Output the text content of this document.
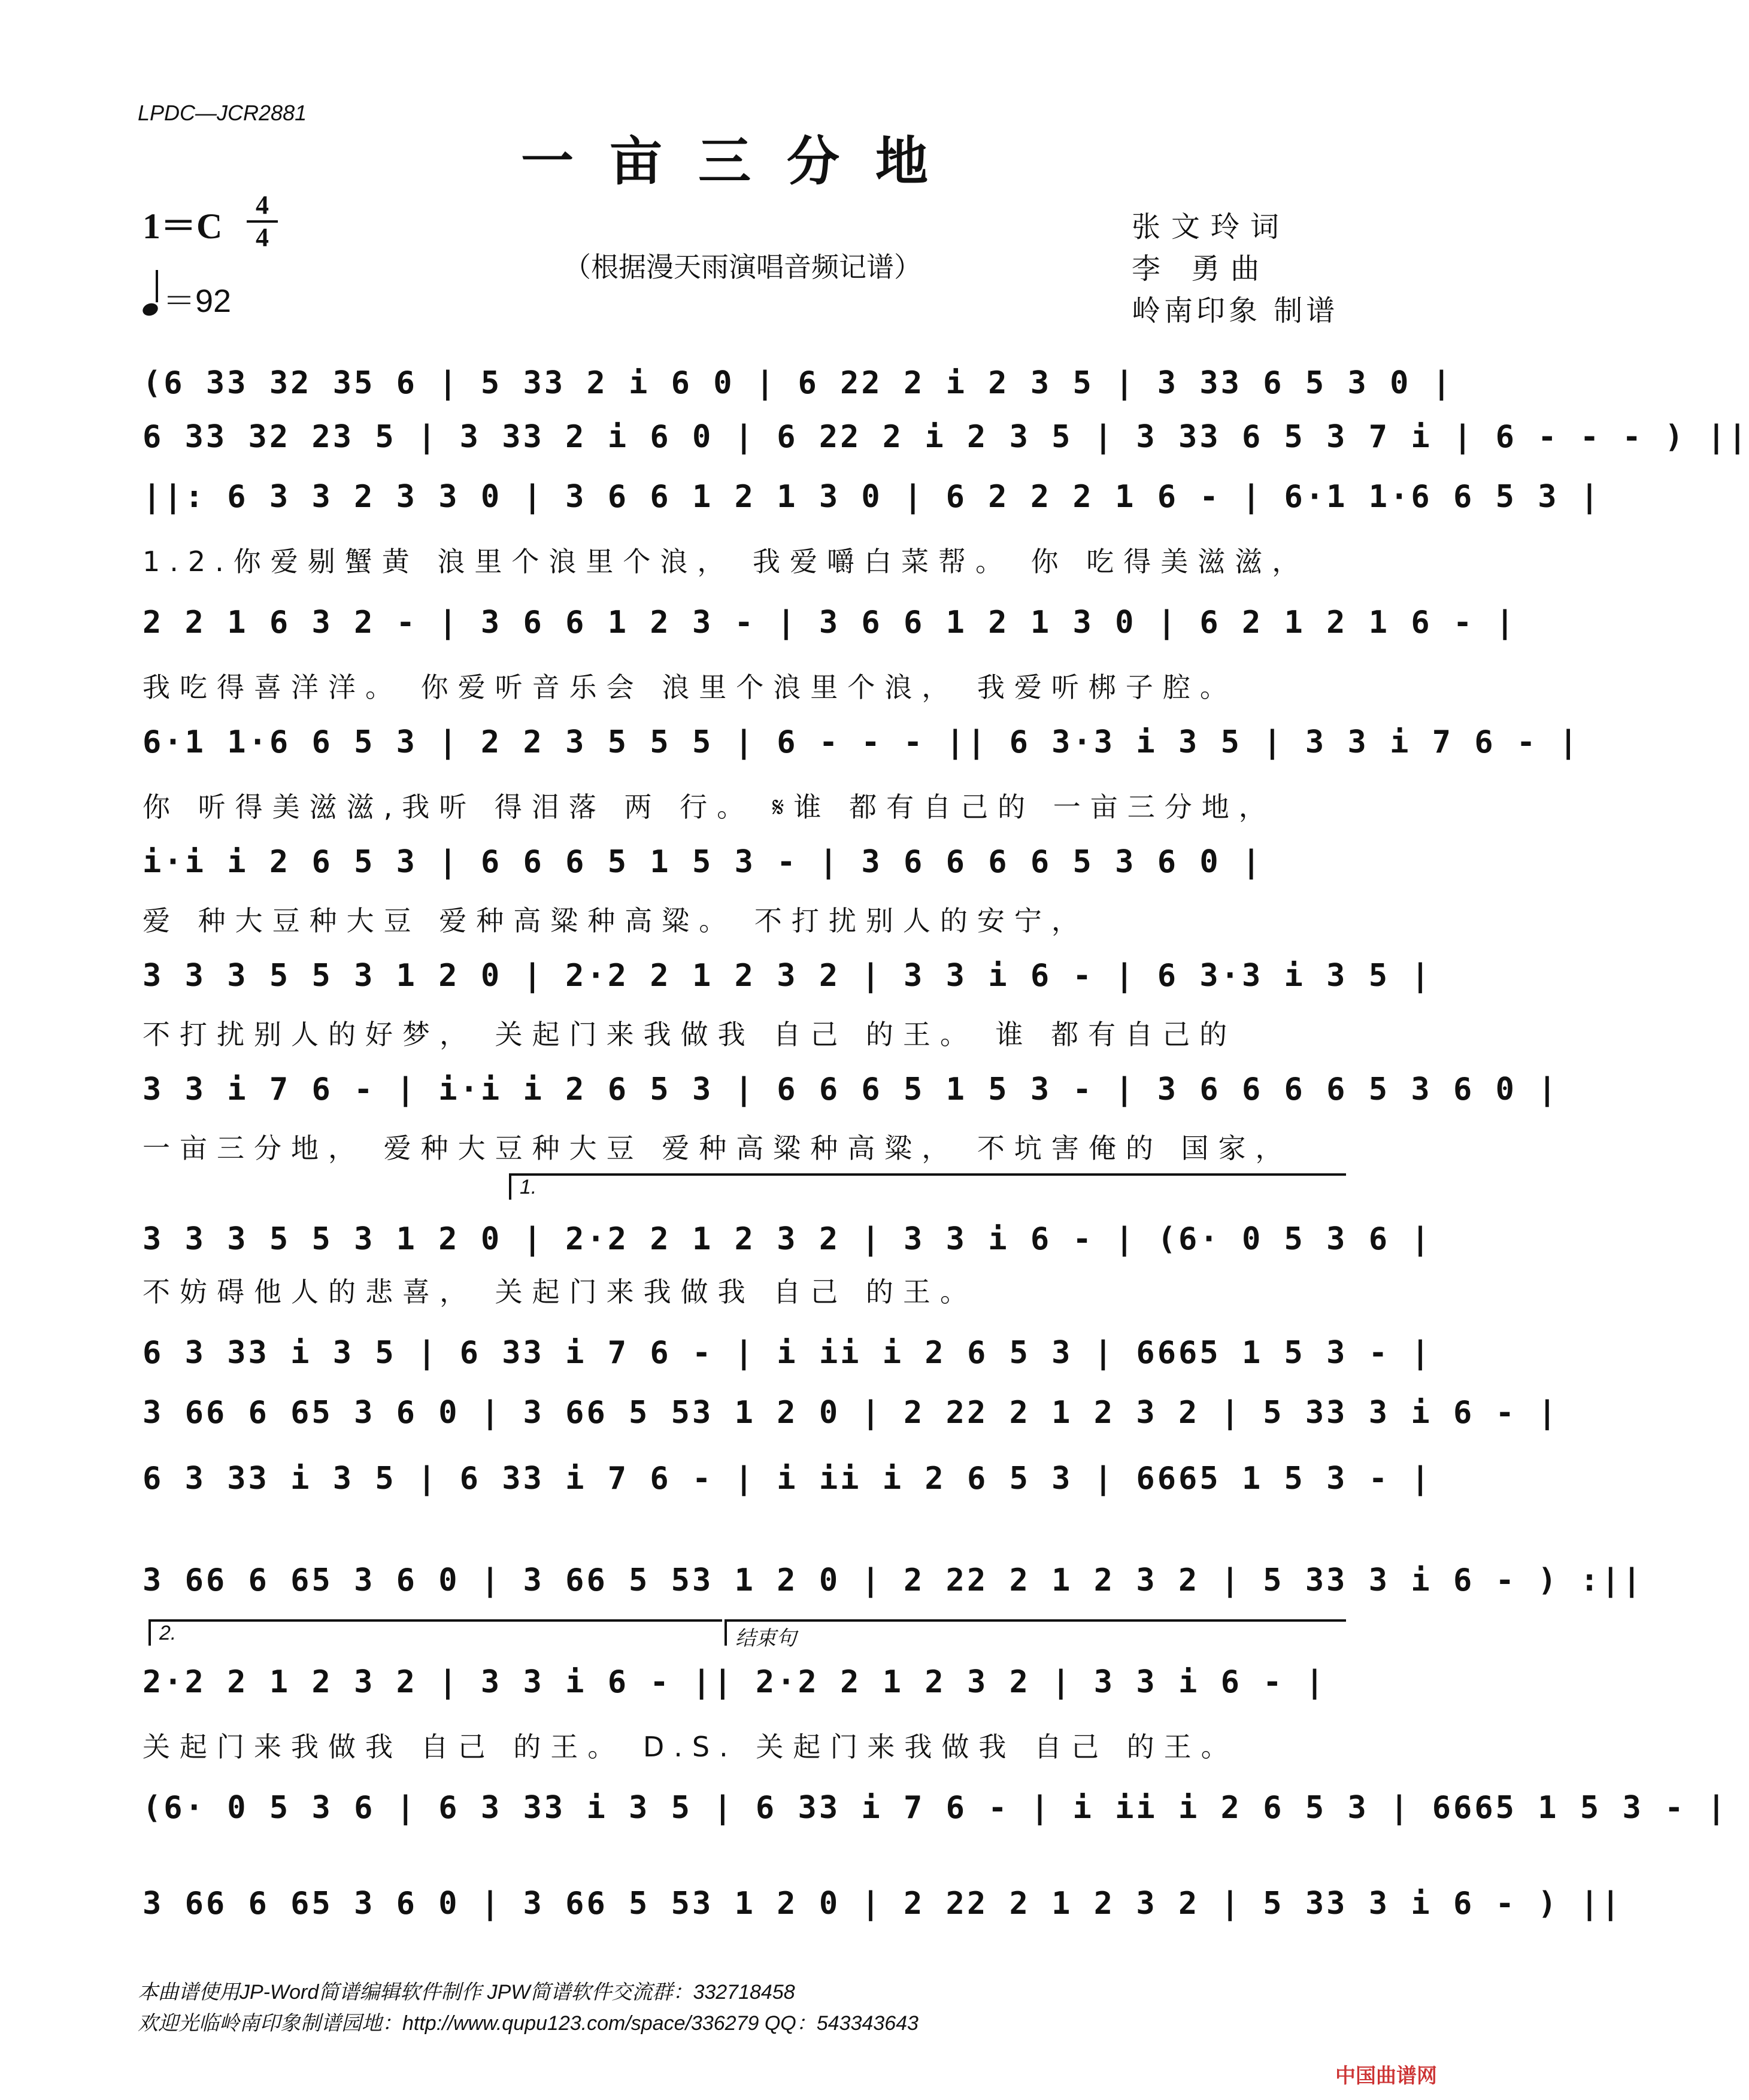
LPDC—JCR2881
一亩三分地
1＝C
4
4
＝92
（根据漫天雨演唱音频记谱）
张文玲词
李 勇曲
岭南印象 制谱
(6 33 32 35 6 | 5 33 2 i 6 0 | 6 22 2 i 2 3 5 | 3 33 6 5 3 0 |
6 33 32 23 5 | 3 33 2 i 6 0 | 6 22 2 i 2 3 5 | 3 33 6 5 3 7 i | 6 - - - ) ||
||: 6 3 3 2 3 3 0 | 3 6 6 1 2 1 3 0 | 6 2 2 2 1 6 - | 6·1 1·6 6 5 3 |
1.2.你爱剔蟹黄 浪里个浪里个浪， 我爱嚼白菜帮。 你 吃得美滋滋，
2 2 1 6 3 2 - | 3 6 6 1 2 3 - | 3 6 6 1 2 1 3 0 | 6 2 1 2 1 6 - |
我吃得喜洋洋。 你爱听音乐会 浪里个浪里个浪， 我爱听梆子腔。
6·1 1·6 6 5 3 | 2 2 3 5 5 5 | 6 - - - || 6 3·3 i 3 5 | 3 3 i 7 6 - |
你 听得美滋滋,我听 得泪落 两 行。 𝄋谁 都有自己的 一亩三分地，
i·i i 2 6 5 3 | 6 6 6 5 1 5 3 - | 3 6 6 6 6 5 3 6 0 |
爱 种大豆种大豆 爱种高粱种高粱。 不打扰别人的安宁，
3 3 3 5 5 3 1 2 0 | 2·2 2 1 2 3 2 | 3 3 i 6 - | 6 3·3 i 3 5 |
不打扰别人的好梦， 关起门来我做我 自己 的王。 谁 都有自己的
3 3 i 7 6 - | i·i i 2 6 5 3 | 6 6 6 5 1 5 3 - | 3 6 6 6 6 5 3 6 0 |
一亩三分地， 爱种大豆种大豆 爱种高粱种高粱， 不坑害俺的 国家，
1.
3 3 3 5 5 3 1 2 0 | 2·2 2 1 2 3 2 | 3 3 i 6 - | (6· 0 5 3 6 |
不妨碍他人的悲喜， 关起门来我做我 自己 的王。
6 3 33 i 3 5 | 6 33 i 7 6 - | i ii i 2 6 5 3 | 6665 1 5 3 - |
3 66 6 65 3 6 0 | 3 66 5 53 1 2 0 | 2 22 2 1 2 3 2 | 5 33 3 i 6 - |
6 3 33 i 3 5 | 6 33 i 7 6 - | i ii i 2 6 5 3 | 6665 1 5 3 - |
3 66 6 65 3 6 0 | 3 66 5 53 1 2 0 | 2 22 2 1 2 3 2 | 5 33 3 i 6 - ) :||
2.	结束句
2·2 2 1 2 3 2 | 3 3 i 6 - || 2·2 2 1 2 3 2 | 3 3 i 6 - |
关起门来我做我 自己 的王。 D.S. 关起门来我做我 自己 的王。
(6· 0 5 3 6 | 6 3 33 i 3 5 | 6 33 i 7 6 - | i ii i 2 6 5 3 | 6665 1 5 3 - |
3 66 6 65 3 6 0 | 3 66 5 53 1 2 0 | 2 22 2 1 2 3 2 | 5 33 3 i 6 - ) ||
本曲谱使用JP-Word简谱编辑软件制作 JPW简谱软件交流群：332718458
欢迎光临岭南印象制谱园地：http://www.qupu123.com/space/336279 QQ：543343643
中国曲谱网
